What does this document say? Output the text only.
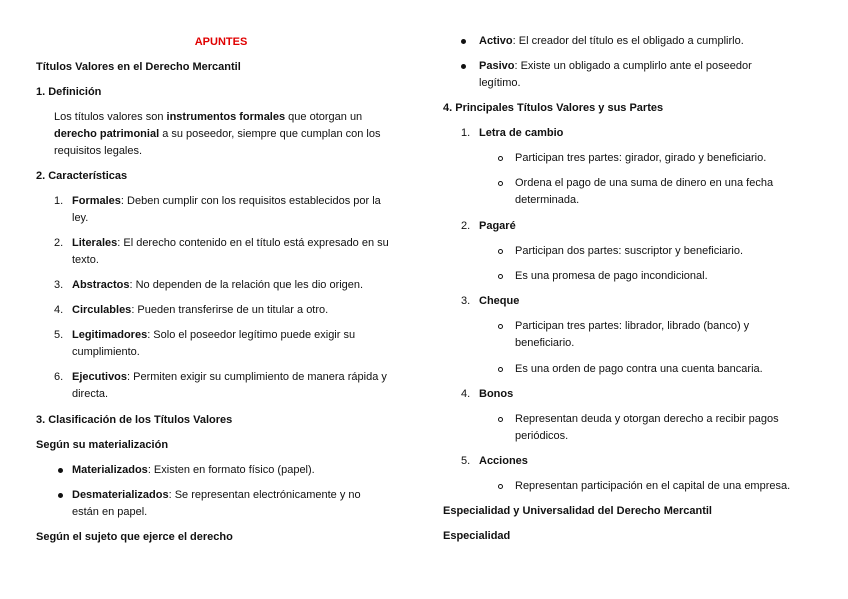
APUNTES
Títulos Valores en el Derecho Mercantil
1. Definición
Los títulos valores son instrumentos formales que otorgan un
derecho patrimonial a su poseedor, siempre que cumplan con los
requisitos legales.
2. Características
1. Formales: Deben cumplir con los requisitos establecidos por la
ley.
2. Literales: El derecho contenido en el título está expresado en su
texto.
3. Abstractos: No dependen de la relación que les dio origen.
4. Circulables: Pueden transferirse de un titular a otro.
5. Legitimadores: Solo el poseedor legítimo puede exigir su
cumplimiento.
6. Ejecutivos: Permiten exigir su cumplimiento de manera rápida y
directa.
3. Clasificación de los Títulos Valores
Según su materialización
Materializados: Existen en formato físico (papel).
Desmaterializados: Se representan electrónicamente y no
están en papel.
Según el sujeto que ejerce el derecho
Activo: El creador del título es el obligado a cumplirlo.
Pasivo: Existe un obligado a cumplirlo ante el poseedor
legítimo.
4. Principales Títulos Valores y sus Partes
1. Letra de cambio
Participan tres partes: girador, girado y beneficiario.
Ordena el pago de una suma de dinero en una fecha
determinada.
2. Pagaré
Participan dos partes: suscriptor y beneficiario.
Es una promesa de pago incondicional.
3. Cheque
Participan tres partes: librador, librado (banco) y
beneficiario.
Es una orden de pago contra una cuenta bancaria.
4. Bonos
Representan deuda y otorgan derecho a recibir pagos
periódicos.
5. Acciones
Representan participación en el capital de una empresa.
Especialidad y Universalidad del Derecho Mercantil
Especialidad
